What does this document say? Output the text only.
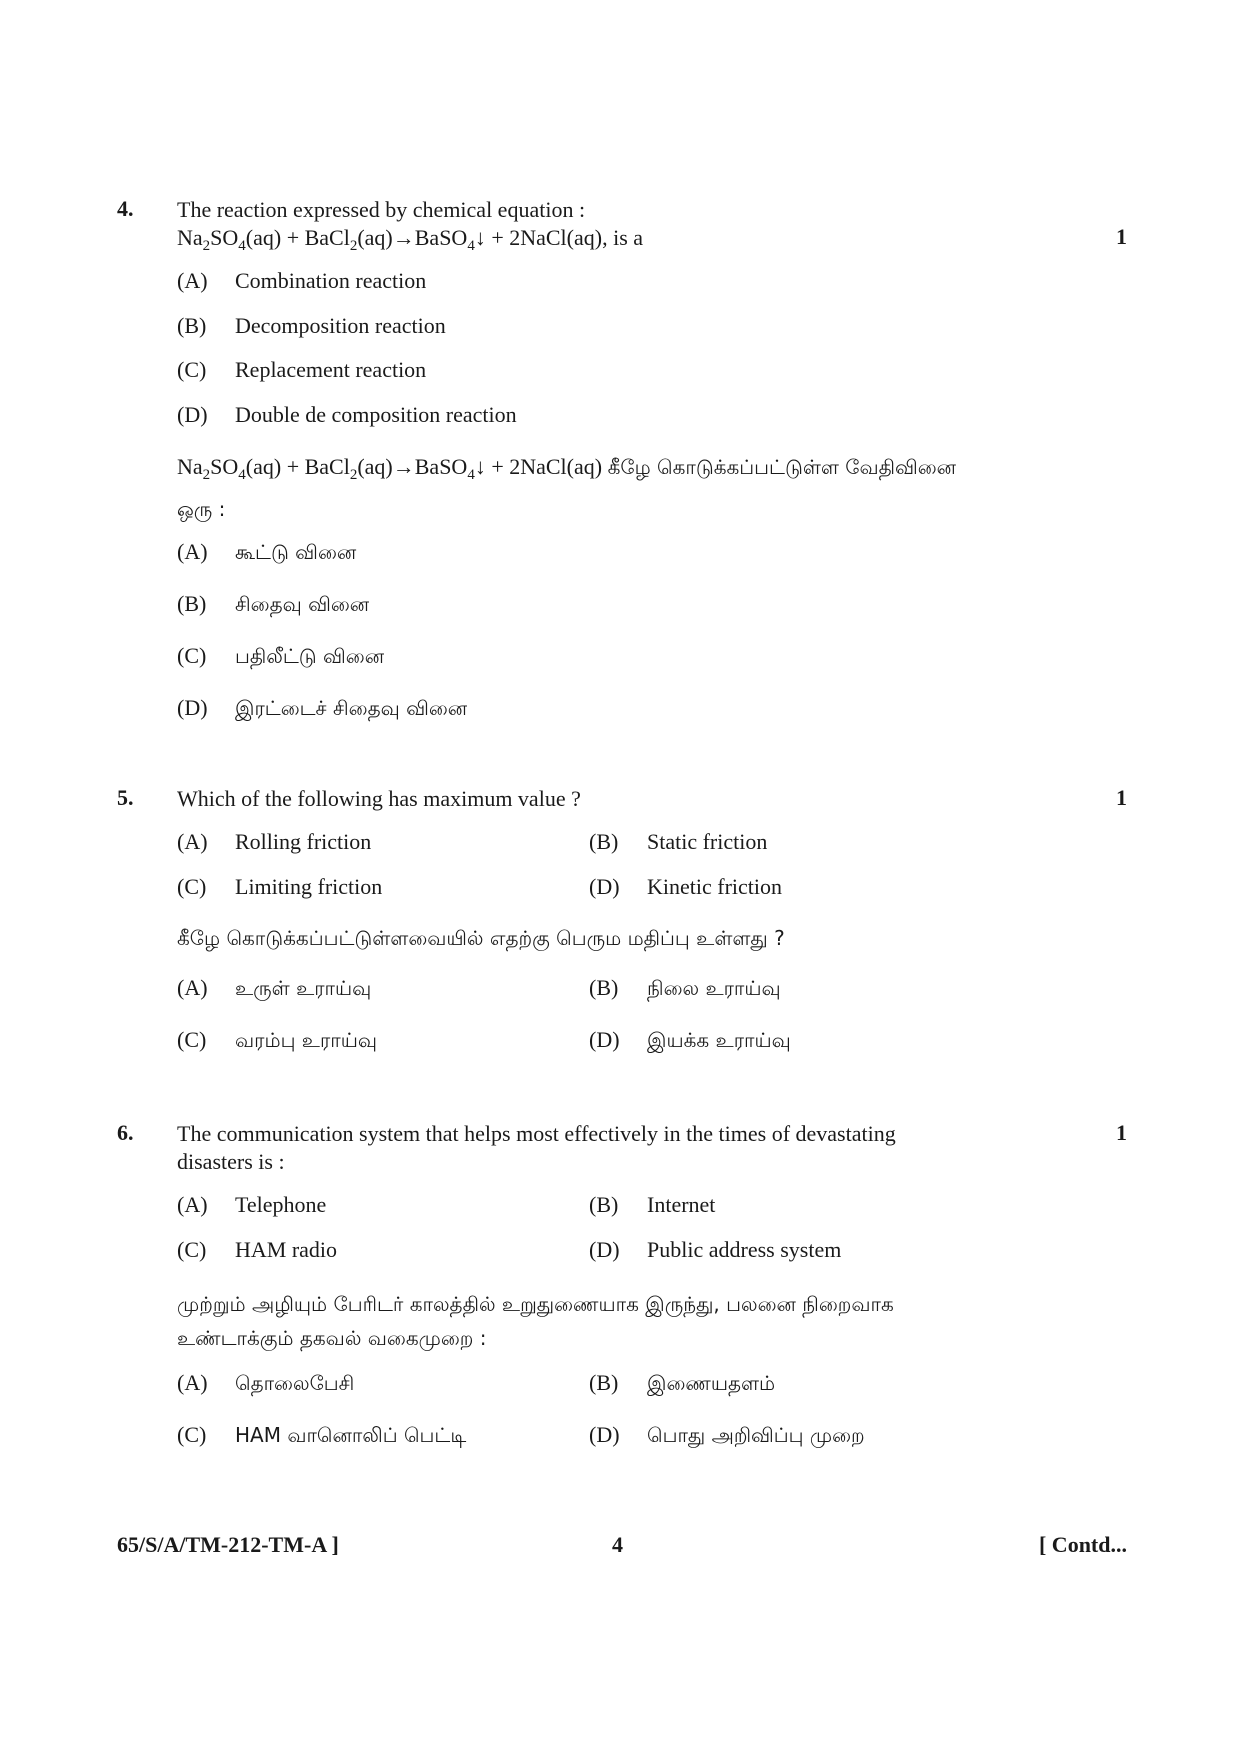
4.
1
The reaction expressed by chemical equation :
$Na_2SO_4(aq)$ + BaCl$_2$(aq)→BaSO$_4$↓ + 2NaCl(aq), is a
(A) Combination reaction
(B) Decomposition reaction
(C) Replacement reaction
(D) Double de composition reaction
$Na_2SO_4(aq)$ + BaCl$_2$(aq)→BaSO$_4$↓ + 2NaCl(aq) கீழே கொடுக்கப்பட்டுள்ள வேதிவினை
ஒரு :
(A) கூட்டு வினை
(B) சிதைவு வினை
(C) பதிலீட்டு வினை
(D) இரட்டைச் சிதைவு வினை
5.	1
Which of the following has maximum value ?
(A) Rolling friction	(B) Static friction
(C) Limiting friction	(D) Kinetic friction
கீழே கொடுக்கப்பட்டுள்ளவையில் எதற்கு பெரும மதிப்பு உள்ளது ?
(A) உருள் உராய்வு	(B) நிலை உராய்வு
(C) வரம்பு உராய்வு	(D) இயக்க உராய்வு
6.	1
The communication system that helps most effectively in the times of devastating
disasters is :
(A) Telephone	(B) Internet
(C) HAM radio	(D) Public address system
முற்றும் அழியும் பேரிடர் காலத்தில் உறுதுணையாக இருந்து, பலனை நிறைவாக
உண்டாக்கும் தகவல் வகைமுறை :
(A) தொலைபேசி	(B) இணையதளம்
(C) HAM வானொலிப் பெட்டி	(D) பொது அறிவிப்பு முறை
65/S/A/TM-212-TM-A ]	4	[ Contd...
